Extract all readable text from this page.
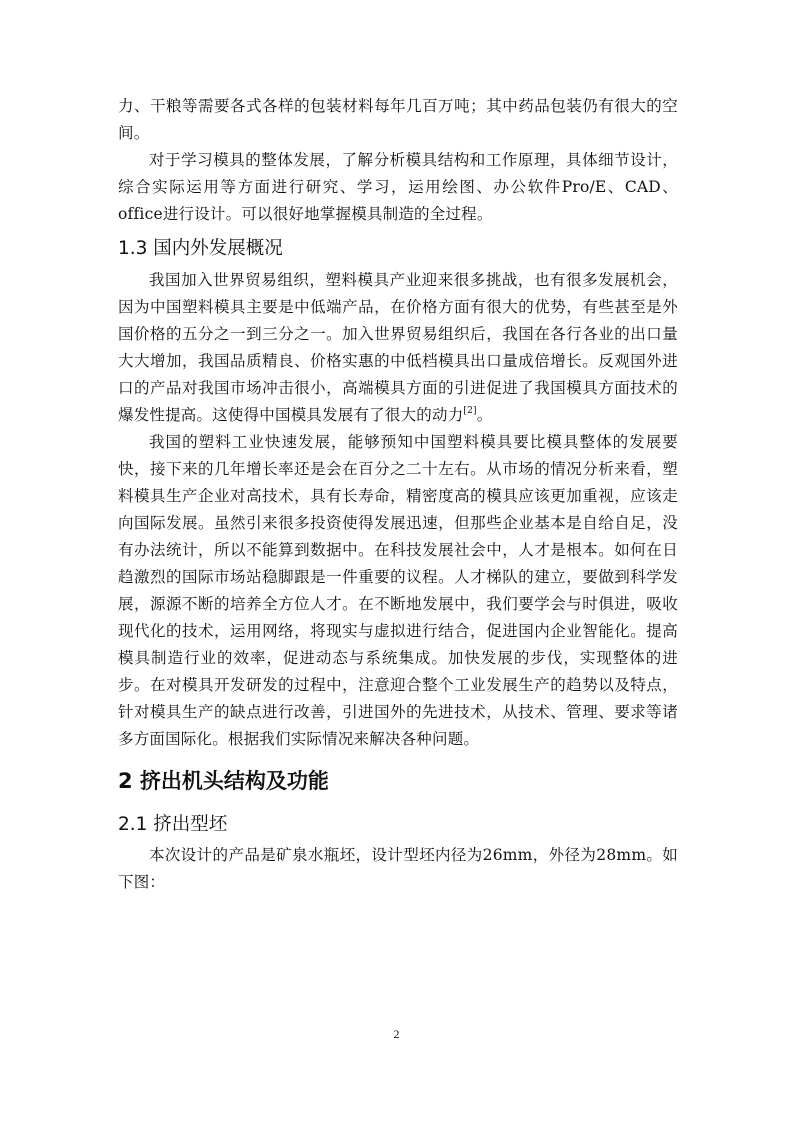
力、干粮等需要各式各样的包装材料每年几百万吨；其中药品包装仍有很大的空间。

对于学习模具的整体发展，了解分析模具结构和工作原理，具体细节设计，综合实际运用等方面进行研究、学习，运用绘图、办公软件Pro/E、CAD、office进行设计。可以很好地掌握模具制造的全过程。

1.3 国内外发展概况

我国加入世界贸易组织，塑料模具产业迎来很多挑战，也有很多发展机会，因为中国塑料模具主要是中低端产品，在价格方面有很大的优势，有些甚至是外国价格的五分之一到三分之一。加入世界贸易组织后，我国在各行各业的出口量大大增加，我国品质精良、价格实惠的中低档模具出口量成倍增长。反观国外进口的产品对我国市场冲击很小，高端模具方面的引进促进了我国模具方面技术的爆发性提高。这使得中国模具发展有了很大的动力[2]。

我国的塑料工业快速发展，能够预知中国塑料模具要比模具整体的发展要快，接下来的几年增长率还是会在百分之二十左右。从市场的情况分析来看，塑料模具生产企业对高技术，具有长寿命，精密度高的模具应该更加重视，应该走向国际发展。虽然引来很多投资使得发展迅速，但那些企业基本是自给自足，没有办法统计，所以不能算到数据中。在科技发展社会中，人才是根本。如何在日趋激烈的国际市场站稳脚跟是一件重要的议程。人才梯队的建立，要做到科学发展，源源不断的培养全方位人才。在不断地发展中，我们要学会与时俱进，吸收现代化的技术，运用网络，将现实与虚拟进行结合，促进国内企业智能化。提高模具制造行业的效率，促进动态与系统集成。加快发展的步伐，实现整体的进步。在对模具开发研发的过程中，注意迎合整个工业发展生产的趋势以及特点，针对模具生产的缺点进行改善，引进国外的先进技术，从技术、管理、要求等诸多方面国际化。根据我们实际情况来解决各种问题。

2 挤出机头结构及功能
2.1 挤出型坯

本次设计的产品是矿泉水瓶坯，设计型坯内径为26mm，外径为28mm。如下图：

2
